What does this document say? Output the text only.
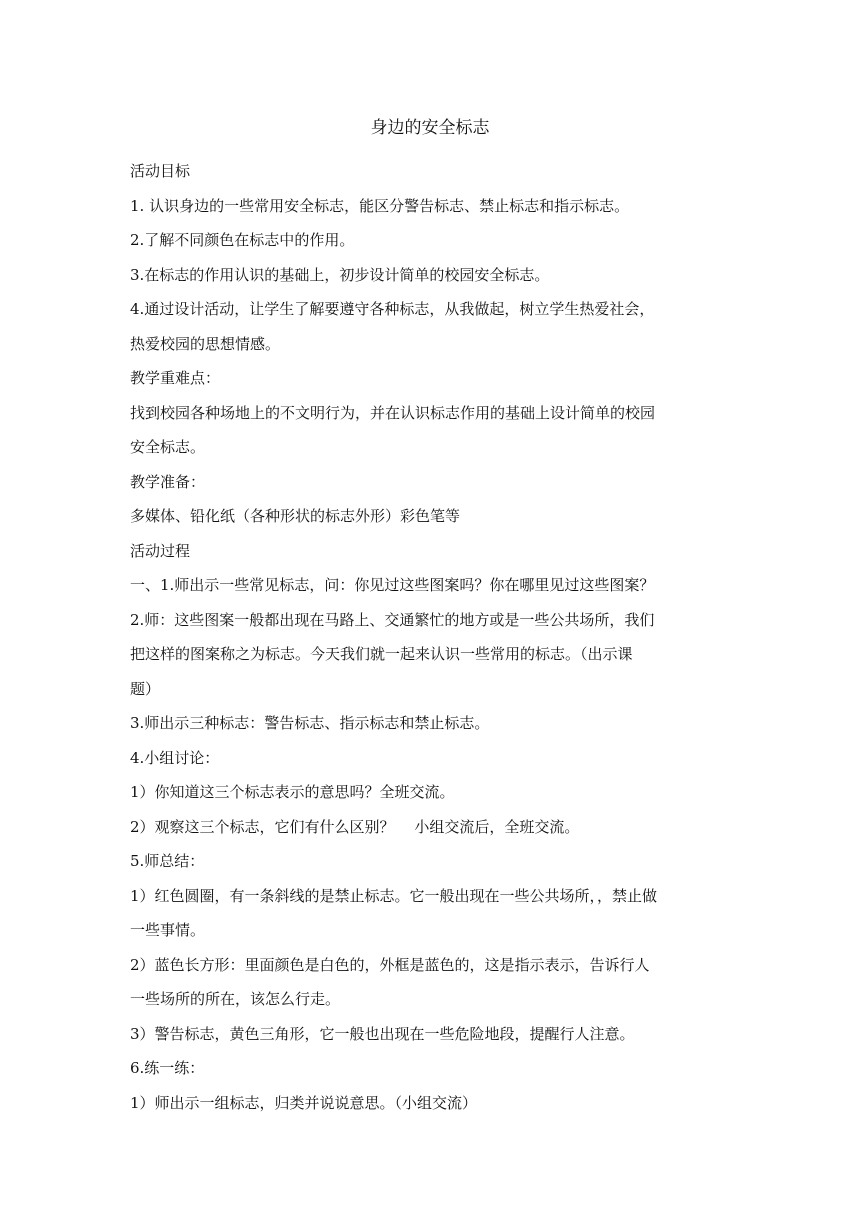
身边的安全标志

活动目标

1. 认识身边的一些常用安全标志，能区分警告标志、禁止标志和指示标志。

2.了解不同颜色在标志中的作用。

3.在标志的作用认识的基础上，初步设计简单的校园安全标志。

4.通过设计活动，让学生了解要遵守各种标志，从我做起，树立学生热爱社会，

热爱校园的思想情感。

教学重难点：

找到校园各种场地上的不文明行为，并在认识标志作用的基础上设计简单的校园

安全标志。

教学准备：

多媒体、铅化纸（各种形状的标志外形）彩色笔等

活动过程

一、1.师出示一些常见标志，问：你见过这些图案吗？你在哪里见过这些图案？

2.师：这些图案一般都出现在马路上、交通繁忙的地方或是一些公共场所，我们

把这样的图案称之为标志。今天我们就一起来认识一些常用的标志。（出示课

题）

3.师出示三种标志：警告标志、指示标志和禁止标志。

4.小组讨论：

1）你知道这三个标志表示的意思吗？全班交流。

2）观察这三个标志，它们有什么区别？　 小组交流后，全班交流。

5.师总结：

1）红色圆圈，有一条斜线的是禁止标志。它一般出现在一些公共场所，，禁止做

一些事情。

2）蓝色长方形：里面颜色是白色的，外框是蓝色的，这是指示表示，告诉行人

一些场所的所在，该怎么行走。

3）警告标志，黄色三角形，它一般也出现在一些危险地段，提醒行人注意。

6.练一练：

1）师出示一组标志，归类并说说意思。（小组交流）
